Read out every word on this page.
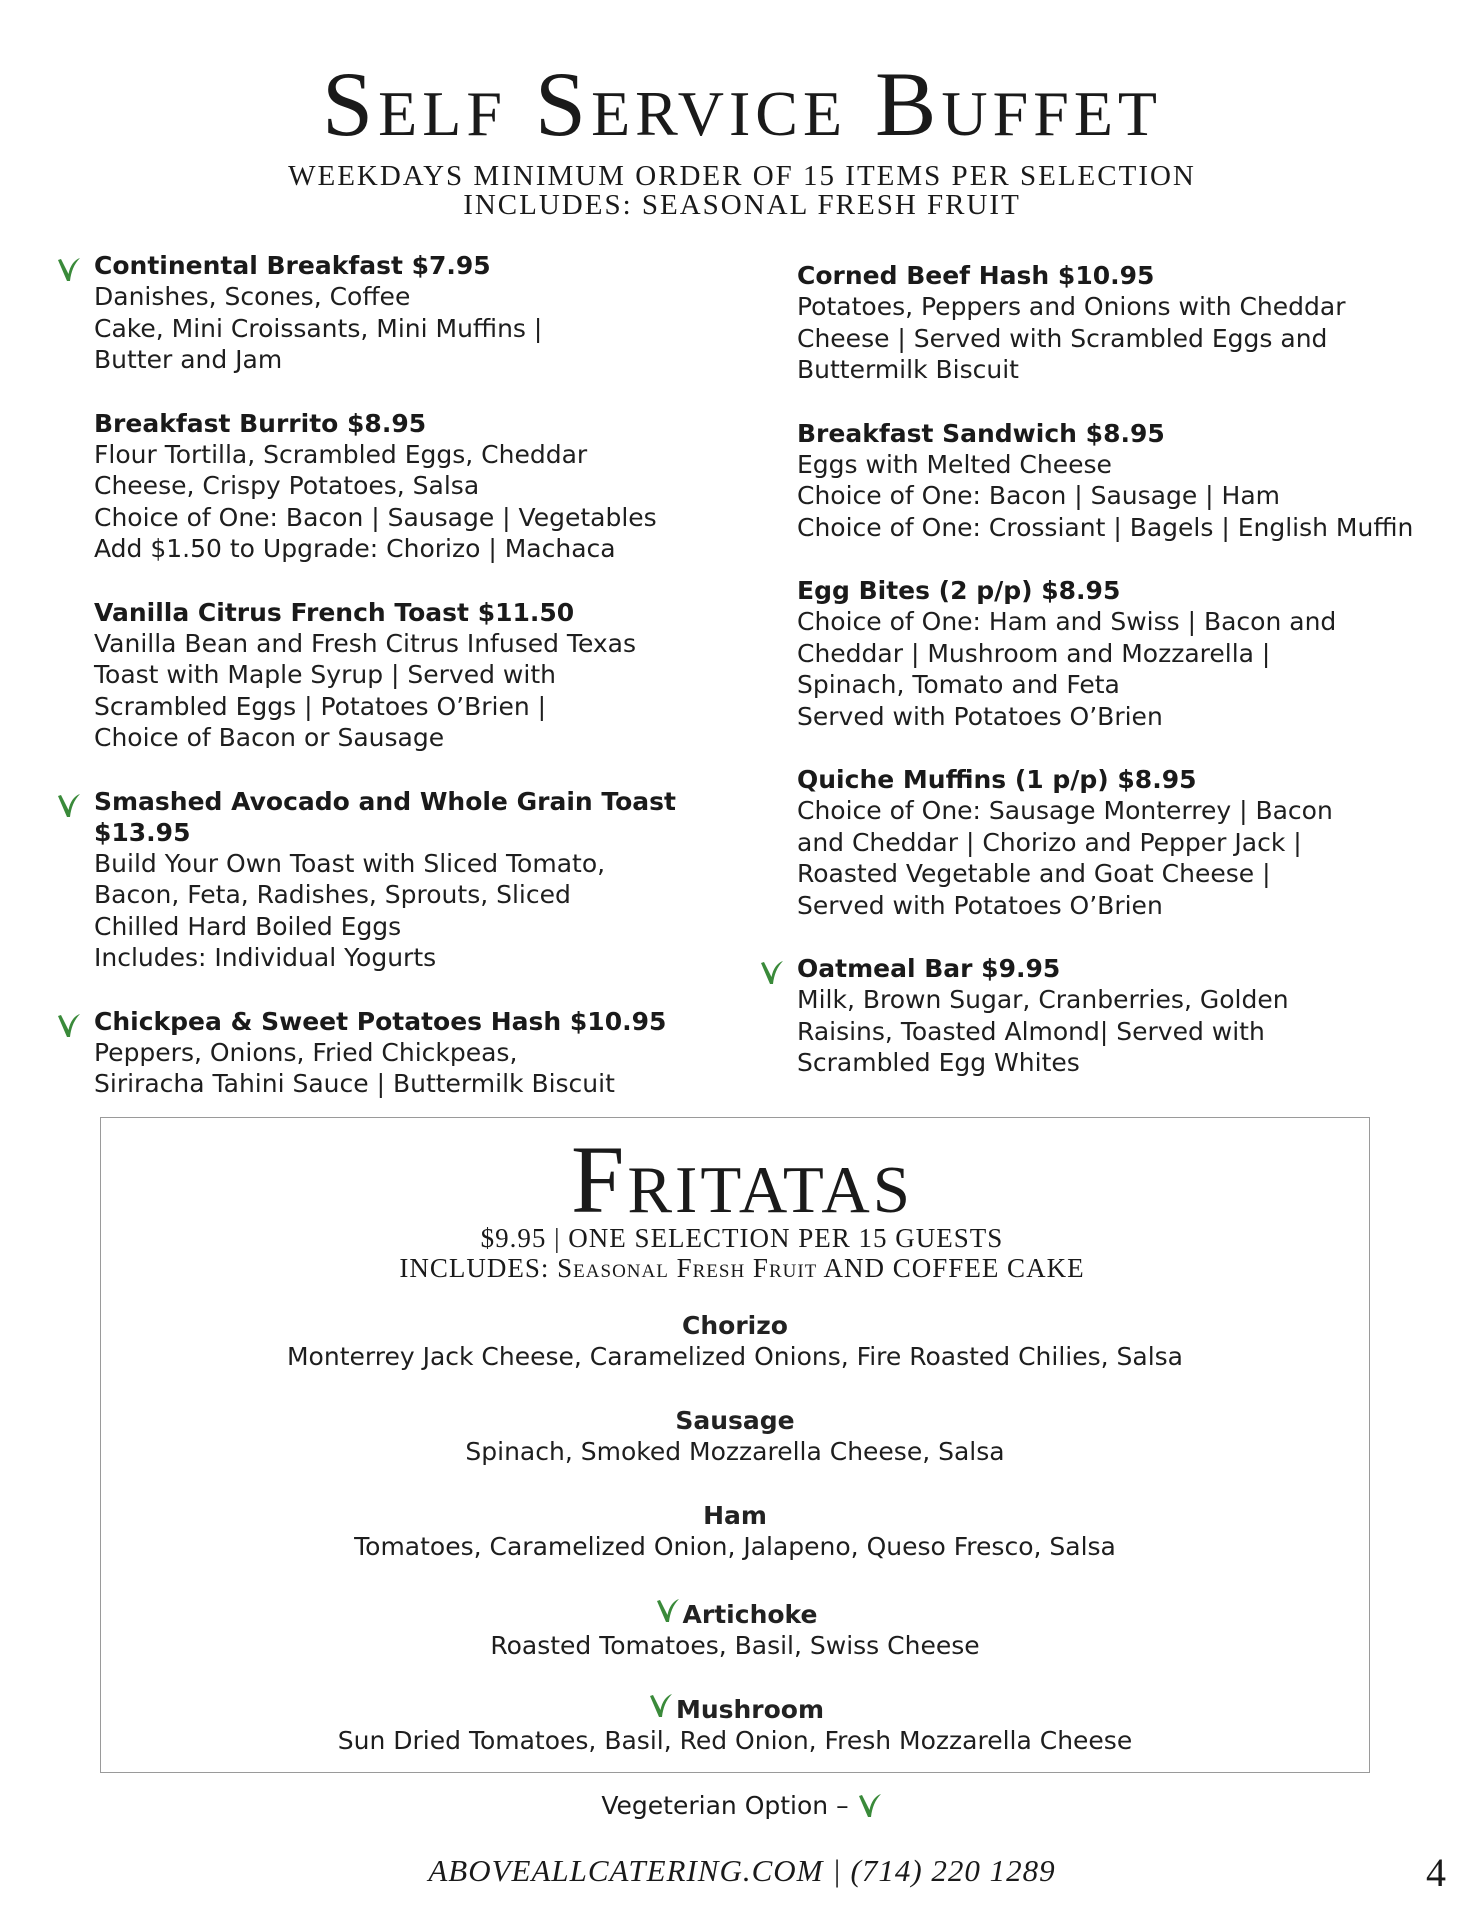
Self Service Buffet
WEEKDAYS MINIMUM ORDER OF 15 ITEMS PER SELECTION
INCLUDES: SEASONAL FRESH FRUIT
Continental Breakfast $7.95
Danishes, Scones, Coffee
Cake, Mini Croissants, Mini Muffins |
Butter and Jam
Breakfast Burrito $8.95
Flour Tortilla, Scrambled Eggs, Cheddar
Cheese, Crispy Potatoes, Salsa
Choice of One: Bacon | Sausage | Vegetables
Add $1.50 to Upgrade: Chorizo | Machaca
Vanilla Citrus French Toast $11.50
Vanilla Bean and Fresh Citrus Infused Texas
Toast with Maple Syrup | Served with
Scrambled Eggs | Potatoes O’Brien |
Choice of Bacon or Sausage
Smashed Avocado and Whole Grain Toast $13.95
Build Your Own Toast with Sliced Tomato,
Bacon, Feta, Radishes, Sprouts, Sliced
Chilled Hard Boiled Eggs
Includes: Individual Yogurts
Chickpea & Sweet Potatoes Hash $10.95
Peppers, Onions, Fried Chickpeas,
Siriracha Tahini Sauce | Buttermilk Biscuit
Corned Beef Hash $10.95
Potatoes, Peppers and Onions with Cheddar
Cheese | Served with Scrambled Eggs and
Buttermilk Biscuit
Breakfast Sandwich $8.95
Eggs with Melted Cheese
Choice of One: Bacon | Sausage | Ham
Choice of One: Crossiant | Bagels | English Muffin
Egg Bites (2 p/p) $8.95
Choice of One: Ham and Swiss | Bacon and
Cheddar | Mushroom and Mozzarella |
Spinach, Tomato and Feta
Served with Potatoes O’Brien
Quiche Muffins (1 p/p) $8.95
Choice of One: Sausage Monterrey | Bacon
and Cheddar | Chorizo and Pepper Jack |
Roasted Vegetable and Goat Cheese |
Served with Potatoes O’Brien
Oatmeal Bar $9.95
Milk, Brown Sugar, Cranberries, Golden
Raisins, Toasted Almond| Served with
Scrambled Egg Whites
Fritatas
$9.95 | ONE SELECTION PER 15 GUESTS
INCLUDES: Seasonal Fresh Fruit AND COFFEE CAKE
Chorizo
Monterrey Jack Cheese, Caramelized Onions, Fire Roasted Chilies, Salsa
Sausage
Spinach, Smoked Mozzarella Cheese, Salsa
Ham
Tomatoes, Caramelized Onion, Jalapeno, Queso Fresco, Salsa
Artichoke
Roasted Tomatoes, Basil, Swiss Cheese
Mushroom
Sun Dried Tomatoes, Basil, Red Onion, Fresh Mozzarella Cheese
Vegeterian Option –
ABOVEALLCATERING.COM | (714) 220 1289	4
